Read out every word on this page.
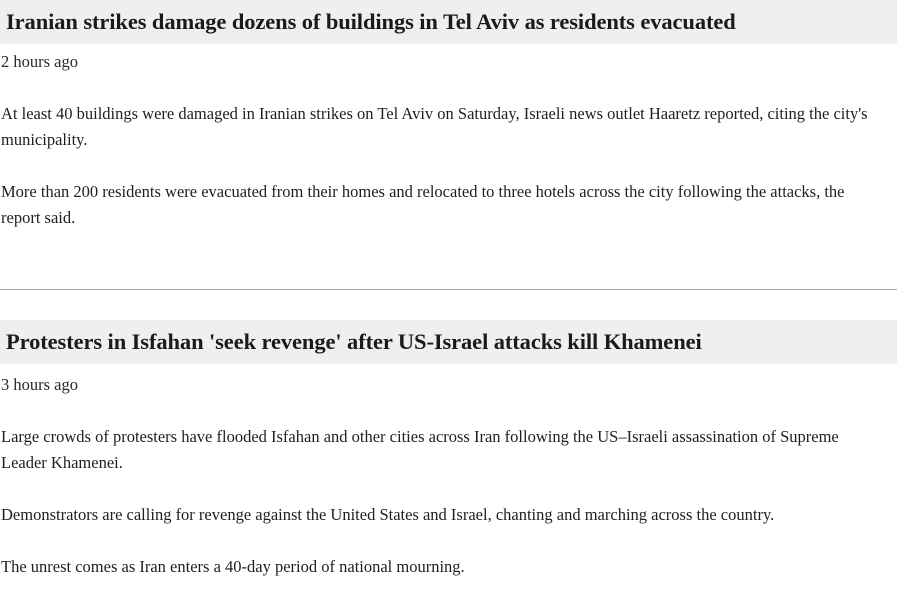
Iranian strikes damage dozens of buildings in Tel Aviv as residents evacuated

2 hours ago

At least 40 buildings were damaged in Iranian strikes on Tel Aviv on Saturday, Israeli news outlet Haaretz reported, citing the city's municipality.

More than 200 residents were evacuated from their homes and relocated to three hotels across the city following the attacks, the report said.

Protesters in Isfahan 'seek revenge' after US-Israel attacks kill Khamenei

3 hours ago

Large crowds of protesters have flooded Isfahan and other cities across Iran following the US–Israeli assassination of Supreme Leader Khamenei.

Demonstrators are calling for revenge against the United States and Israel, chanting and marching across the country.

The unrest comes as Iran enters a 40-day period of national mourning.
